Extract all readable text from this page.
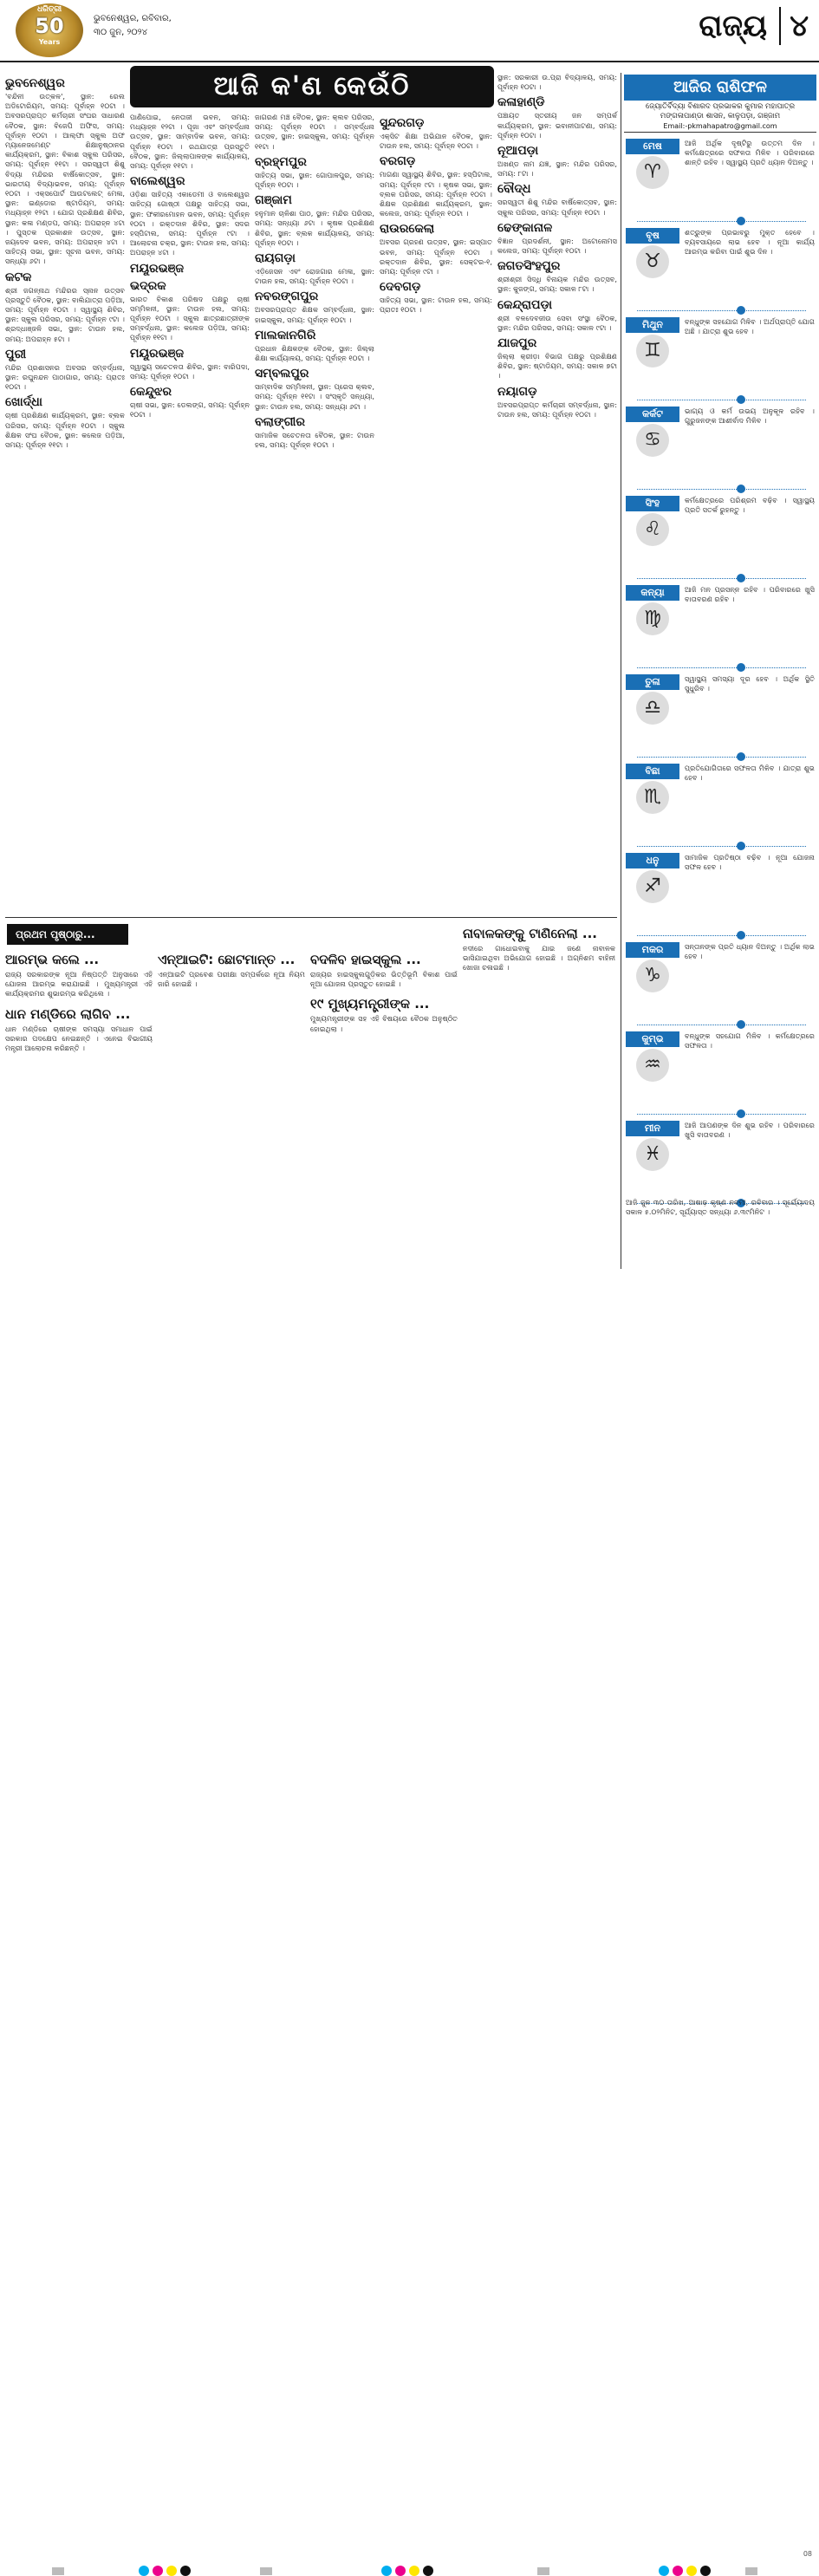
ଧରିତ୍ରୀ
50
Years
ଭୁବନେଶ୍ୱର, ରବିବାର,
୩୦ ଜୁନ, ୨୦୨୪	ରାଜ୍ୟ ୪
ଆଜି କ'ଣ କେଉଁଠି
ଭୁବନେଶ୍ୱର
'ବନ୍ଦିନୀ ଉତ୍କଳ', ସ୍ଥାନ: ରେଲ ଅଡିଟୋରିୟମ, ସମୟ: ପୂର୍ବାହ୍ନ ୧୦ଟା । ଅବସରପ୍ରାପ୍ତ କର୍ମଚାରୀ ସଂଘର ସାଧାରଣ ବୈଠକ, ସ୍ଥାନ: ବିଜେପି ଅଫିସ, ସମୟ: ପୂର୍ବାହ୍ନ ୧୦ଟା । ଆଲ୍ଫା ସ୍କୁଲ ଅଫ ମ୍ୟାନେଜମେଣ୍ଟ ଶିକ୍ଷାନୁଷ୍ଠାନର କାର୍ଯ୍ୟକ୍ରମ, ସ୍ଥାନ: ବିକାଶ ସ୍କୁଲ ପରିସର, ସମୟ: ପୂର୍ବାହ୍ନ ୧୧ଟା । ସରସ୍ୱତୀ ଶିଶୁ ବିଦ୍ୟା ମନ୍ଦିରର ବାର୍ଷିକୋତ୍ସବ, ସ୍ଥାନ: ଭାରତୀୟ ବିଦ୍ୟାଭବନ, ସମୟ: ପୂର୍ବାହ୍ନ ୧୦ଟା । ଏକ୍ସପୋର୍ଟ ଆଉଟଲେଟ୍ ମେଳା, ସ୍ଥାନ: ଇଣ୍ଡୋର ଷ୍ଟାଡିୟମ, ସମୟ: ମଧ୍ୟାହ୍ନ ୧୨ଟା । ଯୋଗ ପ୍ରଶିକ୍ଷଣ ଶିବିର, ସ୍ଥାନ: କଳା ମଣ୍ଡପ, ସମୟ: ଅପରାହ୍ନ ୪ଟା । ପୁସ୍ତକ ପ୍ରକାଶନ ଉତ୍ସବ, ସ୍ଥାନ: ଜୟଦେବ ଭବନ, ସମୟ: ଅପରାହ୍ନ ୪ଟା । ସାହିତ୍ୟ ସଭା, ସ୍ଥାନ: ସୂଚନା ଭବନ, ସମୟ: ସନ୍ଧ୍ୟା ୬ଟା ।
କଟକ
ଶ୍ରୀ ଜଗନ୍ନାଥ ମନ୍ଦିରର ସ୍ନାନ ଉତ୍ସବ ପ୍ରସ୍ତୁତି ବୈଠକ, ସ୍ଥାନ: ବାଲିଯାତ୍ରା ପଡ଼ିଆ, ସମୟ: ପୂର୍ବାହ୍ନ ୧୦ଟା । ସ୍ୱାସ୍ଥ୍ୟ ଶିବିର, ସ୍ଥାନ: ସ୍କୁଲ ପରିସର, ସମୟ: ପୂର୍ବାହ୍ନ ୯ଟା । ଶ୍ରଦ୍ଧାଞ୍ଜଳି ସଭା, ସ୍ଥାନ: ଟାଉନ ହଲ, ସମୟ: ଅପରାହ୍ନ ୫ଟା ।
ପୁରୀ
ମନ୍ଦିର ପ୍ରଶାସନର ଅବସର ସମ୍ବର୍ଦ୍ଧନା, ସ୍ଥାନ: ରଘୁନନ୍ଦନ ପାଠାଗାର, ସମୟ: ପ୍ରାତଃ ୧୦ଟା ।
ଖୋର୍ଦ୍ଧା
ଚାଷୀ ପ୍ରଶିକ୍ଷଣ କାର୍ଯ୍ୟକ୍ରମ, ସ୍ଥାନ: ବ୍ଲକ ପରିସର, ସମୟ: ପୂର୍ବାହ୍ନ ୧୦ଟା । ସ୍କୁଲ ଶିକ୍ଷକ ସଂଘ ବୈଠକ, ସ୍ଥାନ: କଲେଜ ପଡ଼ିଆ, ସମୟ: ପୂର୍ବାହ୍ନ ୧୧ଟା ।
ପାଣିପୋଇ, ନେତାଜୀ ଭବନ, ସମୟ: ମଧ୍ୟାହ୍ନ ୧୨ଟା । ପୂଜା ଏବଂ ସମ୍ବର୍ଦ୍ଧନା ଉତ୍ସବ, ସ୍ଥାନ: ସାମ୍ବାଦିକ ଭବନ, ସମୟ: ପୂର୍ବାହ୍ନ ୧୦ଟା । ରଥଯାତ୍ରା ପ୍ରସ୍ତୁତି ବୈଠକ, ସ୍ଥାନ: ଜିଲ୍ଲାପାଳଙ୍କ କାର୍ଯ୍ୟାଳୟ, ସମୟ: ପୂର୍ବାହ୍ନ ୧୧ଟା ।
ବାଲେଶ୍ୱର
ଓଡ଼ିଶା ସାହିତ୍ୟ ଏକାଡେମୀ ଓ ବାଲେଶ୍ୱର ସାହିତ୍ୟ ଗୋଷ୍ଠୀ ପକ୍ଷରୁ ସାହିତ୍ୟ ସଭା, ସ୍ଥାନ: ଫକୀରମୋହନ ଭବନ, ସମୟ: ପୂର୍ବାହ୍ନ ୧୦ଟା । ରକ୍ତଦାନ ଶିବିର, ସ୍ଥାନ: ସଦର ହସ୍ପିଟାଲ, ସମୟ: ପୂର୍ବାହ୍ନ ୯ଟା । ଆଲୋଚନା ଚକ୍ର, ସ୍ଥାନ: ଟାଉନ ହଲ, ସମୟ: ଅପରାହ୍ନ ୪ଟା ।
ମୟୂରଭଞ୍ଜ
ଭଦ୍ରକ
ଭାରତ ବିକାଶ ପରିଷଦ ପକ୍ଷରୁ ଚାଷୀ ସମ୍ମିଳନୀ, ସ୍ଥାନ: ଟାଉନ ହଲ, ସମୟ: ପୂର୍ବାହ୍ନ ୧୦ଟା । ସ୍କୁଲ ଛାତ୍ରଛାତ୍ରୀଙ୍କ ସମ୍ବର୍ଦ୍ଧନା, ସ୍ଥାନ: କଲେଜ ପଡ଼ିଆ, ସମୟ: ପୂର୍ବାହ୍ନ ୧୧ଟା ।
ମୟୂରଭଞ୍ଜ
ସ୍ୱାସ୍ଥ୍ୟ ସଚେତନତା ଶିବିର, ସ୍ଥାନ: ବାରିପଦା, ସମୟ: ପୂର୍ବାହ୍ନ ୧୦ଟା ।
କେନ୍ଦୁଝର
ଚାଷୀ ସଭା, ସ୍ଥାନ: ଡେଲଙ୍ଗ, ସମୟ: ପୂର୍ବାହ୍ନ ୧୦ଟା ।
ଜାଗରଣ ମଞ୍ଚ ବୈଠକ, ସ୍ଥାନ: କ୍ଲବ ପରିସର, ସମୟ: ପୂର୍ବାହ୍ନ ୧୦ଟା । ସମ୍ବର୍ଦ୍ଧନା ଉତ୍ସବ, ସ୍ଥାନ: ହାଇସ୍କୁଲ, ସମୟ: ପୂର୍ବାହ୍ନ ୧୧ଟା ।
ବ୍ରହ୍ମପୁର
ସାହିତ୍ୟ ସଭା, ସ୍ଥାନ: ଗୋପାଳପୁର, ସମୟ: ପୂର୍ବାହ୍ନ ୧୦ଟା ।
ଗଞ୍ଜାମ
ହନୁମାନ ଚାଳିଶା ପାଠ, ସ୍ଥାନ: ମନ୍ଦିର ପରିସର, ସମୟ: ସନ୍ଧ୍ୟା ୬ଟା । କୃଷକ ପ୍ରଶିକ୍ଷଣ ଶିବିର, ସ୍ଥାନ: ବ୍ଲକ କାର୍ଯ୍ୟାଳୟ, ସମୟ: ପୂର୍ବାହ୍ନ ୧୦ଟା ।
ରାୟଗଡ଼ା
ଏଡ଼ିଜେସନ ଏବଂ ରୋଜଗାର ମେଳା, ସ୍ଥାନ: ଟାଉନ ହଲ, ସମୟ: ପୂର୍ବାହ୍ନ ୧୦ଟା ।
ନବରଙ୍ଗପୁର
ଅବସରପ୍ରାପ୍ତ ଶିକ୍ଷକ ସମ୍ବର୍ଦ୍ଧନା, ସ୍ଥାନ: ହାଇସ୍କୁଲ, ସମୟ: ପୂର୍ବାହ୍ନ ୧୦ଟା ।
ମାଲକାନଗିରି
ପ୍ରଧାନ ଶିକ୍ଷକଙ୍କ ବୈଠକ, ସ୍ଥାନ: ଜିଲ୍ଲା ଶିକ୍ଷା କାର୍ଯ୍ୟାଳୟ, ସମୟ: ପୂର୍ବାହ୍ନ ୧୦ଟା ।
ସମ୍ବଲପୁର
ସାମ୍ବାଦିକ ସମ୍ମିଳନୀ, ସ୍ଥାନ: ପ୍ରେସ କ୍ଲବ, ସମୟ: ପୂର୍ବାହ୍ନ ୧୧ଟା । ସଂସ୍କୃତି ସନ୍ଧ୍ୟା, ସ୍ଥାନ: ଟାଉନ ହଲ, ସମୟ: ସନ୍ଧ୍ୟା ୬ଟା ।
ବଲାଙ୍ଗୀର
ସାମାଜିକ ସଚେତନତା ବୈଠକ, ସ୍ଥାନ: ଟାଉନ ହଲ, ସମୟ: ପୂର୍ବାହ୍ନ ୧୦ଟା ।
ସୁନ୍ଦରଗଡ଼
ଏକ୍ସିଟ ଶିକ୍ଷା ଅଭିଯାନ ବୈଠକ, ସ୍ଥାନ: ଟାଉନ ହଲ, ସମୟ: ପୂର୍ବାହ୍ନ ୧୦ଟା ।
ବରଗଡ଼
ମାଗଣା ସ୍ୱାସ୍ଥ୍ୟ ଶିବିର, ସ୍ଥାନ: ହସ୍ପିଟାଲ, ସମୟ: ପୂର୍ବାହ୍ନ ୯ଟା । କୃଷକ ସଭା, ସ୍ଥାନ: ବ୍ଲକ ପରିସର, ସମୟ: ପୂର୍ବାହ୍ନ ୧୦ଟା । ଶିକ୍ଷକ ପ୍ରଶିକ୍ଷଣ କାର୍ଯ୍ୟକ୍ରମ, ସ୍ଥାନ: କଲେଜ, ସମୟ: ପୂର୍ବାହ୍ନ ୧୦ଟା ।
ରାଉରକେଲା
ଅବସର ଗ୍ରହଣ ଉତ୍ସବ, ସ୍ଥାନ: ଇସ୍ପାତ ଭବନ, ସମୟ: ପୂର୍ବାହ୍ନ ୧୦ଟା । ରକ୍ତଦାନ ଶିବିର, ସ୍ଥାନ: ସେକ୍ଟର-୧, ସମୟ: ପୂର୍ବାହ୍ନ ୯ଟା ।
ଦେବଗଡ଼
ସାହିତ୍ୟ ସଭା, ସ୍ଥାନ: ଟାଉନ ହଲ, ସମୟ: ପ୍ରାତଃ ୧୦ଟା ।
ସ୍ଥାନ: ସରକାରୀ ଉ.ପ୍ରା ବିଦ୍ୟାଳୟ, ସମୟ: ପୂର୍ବାହ୍ନ ୧୦ଟା ।
କଳାହାଣ୍ଡି
ପଞ୍ଚାୟତ ସ୍ତରୀୟ ଜନ ସମ୍ପର୍କ କାର୍ଯ୍ୟକ୍ରମ, ସ୍ଥାନ: ଭବାନୀପାଟଣା, ସମୟ: ପୂର୍ବାହ୍ନ ୧୦ଟା ।
ନୂଆପଡ଼ା
ଅଖଣ୍ଡ ନାମ ଯଜ୍ଞ, ସ୍ଥାନ: ମନ୍ଦିର ପରିସର, ସମୟ: ୮ଟା ।
ବୌଦ୍ଧ
ସରସ୍ୱତୀ ଶିଶୁ ମନ୍ଦିର ବାର୍ଷିକୋତ୍ସବ, ସ୍ଥାନ: ସ୍କୁଲ ପରିସର, ସମୟ: ପୂର୍ବାହ୍ନ ୧୦ଟା ।
ଢେଙ୍କାନାଳ
ବିଜ୍ଞାନ ପ୍ରଦର୍ଶନୀ, ସ୍ଥାନ: ଅଟୋନୋମସ କଲେଜ, ସମୟ: ପୂର୍ବାହ୍ନ ୧୦ଟା ।
ଜଗତସିଂହପୁର
ଶ୍ରୀଶ୍ରୀ ସିଦ୍ଧି ବିନାୟକ ମନ୍ଦିର ଉତ୍ସବ, ସ୍ଥାନ: କୁଜଙ୍ଗ, ସମୟ: ସକାଳ ୮ଟା ।
କେନ୍ଦ୍ରାପଡ଼ା
ଶ୍ରୀ ବଳଦେବଜୀଉ ସେବା ସଂସ୍ଥା ବୈଠକ, ସ୍ଥାନ: ମନ୍ଦିର ପରିସର, ସମୟ: ସକାଳ ୯ଟା ।
ଯାଜପୁର
ଜିଲ୍ଲା କ୍ରୀଡ଼ା ବିଭାଗ ପକ୍ଷରୁ ପ୍ରଶିକ୍ଷଣ ଶିବିର, ସ୍ଥାନ: ଷ୍ଟାଡିୟମ, ସମୟ: ସକାଳ ୭ଟା ।
ନୟାଗଡ଼
ଅବସରପ୍ରାପ୍ତ କର୍ମଚାରୀ ସମ୍ବର୍ଦ୍ଧନା, ସ୍ଥାନ: ଟାଉନ ହଲ, ସମୟ: ପୂର୍ବାହ୍ନ ୧୦ଟା ।
ଆଜିର ରାଶିଫଳ
ଜ୍ୟୋତିର୍ବିଦ୍ୟା ବିଶାରଦ ପ୍ରଭାକର କୁମାର ମହାପାତ୍ର ମଙ୍ଗଳାପାଣ୍ଡା ଶାସନ, କାଳୁପଡ଼ା, ଗଞ୍ଜାମ
Email:-pkmahapatro@gmail.com
ମେଷ
♈
ଆଜି ଅର୍ଥିକ ଦୃଷ୍ଟିରୁ ଉତ୍ତମ ଦିନ । କର୍ମକ୍ଷେତ୍ରରେ ସଫଳତା ମିଳିବ । ପରିବାରରେ ଶାନ୍ତି ରହିବ । ସ୍ୱାସ୍ଥ୍ୟ ପ୍ରତି ଧ୍ୟାନ ଦିଅନ୍ତୁ ।
ବୃଷ
♉
ଶତ୍ରୁଙ୍କ ପ୍ରଭାବରୁ ମୁକ୍ତ ହେବେ । ବ୍ୟବସାୟରେ ଲାଭ ହେବ । ନୂଆ କାର୍ଯ୍ୟ ଆରମ୍ଭ କରିବା ପାଇଁ ଶୁଭ ଦିନ ।
ମିଥୁନ
♊
ବନ୍ଧୁଙ୍କ ସହଯୋଗ ମିଳିବ । ଅର୍ଥପ୍ରାପ୍ତି ଯୋଗ ଅଛି । ଯାତ୍ରା ଶୁଭ ହେବ ।
କର୍କଟ
♋
ଭାଗ୍ୟ ଓ କର୍ମ ଉଭୟ ଅନୁକୂଳ ରହିବ । ଗୁରୁଜନଙ୍କ ଆଶୀର୍ବାଦ ମିଳିବ ।
ସିଂହ
♌
କର୍ମକ୍ଷେତ୍ରରେ ପରିଶ୍ରମ ବଢ଼ିବ । ସ୍ୱାସ୍ଥ୍ୟ ପ୍ରତି ସତର୍କ ରୁହନ୍ତୁ ।
କନ୍ୟା
♍
ଆଜି ମନ ପ୍ରସନ୍ନ ରହିବ । ପରିବାରରେ ଖୁସି ବାତାବରଣ ରହିବ ।
ତୁଳା
♎
ସ୍ୱାସ୍ଥ୍ୟ ସମସ୍ୟା ଦୂର ହେବ । ଅର୍ଥିକ ସ୍ଥିତି ସୁଧୁରିବ ।
ବିଛା
♏
ପ୍ରତିଯୋଗିତାରେ ସଫଳତା ମିଳିବ । ଯାତ୍ରା ଶୁଭ ହେବ ।
ଧନୁ
♐
ସାମାଜିକ ପ୍ରତିଷ୍ଠା ବଢ଼ିବ । ନୂଆ ଯୋଜନା ସଫଳ ହେବ ।
ମକର
♑
ସନ୍ତାନଙ୍କ ପ୍ରତି ଧ୍ୟାନ ଦିଅନ୍ତୁ । ଅର୍ଥିକ ଲାଭ ହେବ ।
କୁମ୍ଭ
♒
ବନ୍ଧୁଙ୍କ ସହଯୋଗ ମିଳିବ । କର୍ମକ୍ଷେତ୍ରରେ ସଫଳତା ।
ମୀନ
♓
ଆଜି ଆପଣଙ୍କ ଦିନ ଶୁଭ ରହିବ । ପରିବାରରେ ଖୁସି ବାତାବରଣ ।
ଆଜି ଜୁନ ୩୦ ତାରିଖ, ଆଷାଢ଼ କୃଷ୍ଣ ନବମୀ, ରବିବାର । ସୂର୍ଯ୍ୟୋଦୟ ସକାଳ ୫.୦୨ମିନିଟ, ସୂର୍ଯ୍ୟାସ୍ତ ସନ୍ଧ୍ୟା ୬.୩୯ମିନିଟ ।
ପ୍ରଥମ ପୃଷ୍ଠାରୁ...
ଆରମ୍ଭ କଲେ ...
ରାଜ୍ୟ ସରକାରଙ୍କ ନୂଆ ନିଷ୍ପତ୍ତି ଅନୁସାରେ ଏହି ଯୋଜନା ଆରମ୍ଭ କରାଯାଇଛି । ମୁଖ୍ୟମନ୍ତ୍ରୀ ଏହି କାର୍ଯ୍ୟକ୍ରମର ଶୁଭାରମ୍ଭ କରିଥିଲେ ।
ଧାନ ମଣ୍ଡିରେ ଲାଗିବ ...
ଧାନ ମଣ୍ଡିରେ ଚାଷୀଙ୍କ ସମସ୍ୟା ସମାଧାନ ପାଇଁ ସରକାର ପଦକ୍ଷେପ ନେଇଛନ୍ତି । ଏନେଇ ବିଭାଗୀୟ ମନ୍ତ୍ରୀ ଆଲୋଚନା କରିଛନ୍ତି ।
ଏନ୍‌ଆଇଟି: ଛୋଟମାନ୍ତ ...
ଏନ୍‌ଆଇଟି ପ୍ରବେଶ ପରୀକ୍ଷା ସମ୍ପର୍କରେ ନୂଆ ନିୟମ ଜାରି ହୋଇଛି ।
ବଦଳିବ ହାଇସ୍କୁଲ ...
ରାଜ୍ୟର ହାଇସ୍କୁଲଗୁଡ଼ିକର ଭିତ୍ତିଭୂମି ବିକାଶ ପାଇଁ ନୂଆ ଯୋଜନା ପ୍ରସ୍ତୁତ ହୋଇଛି ।
୧୯ ମୁଖ୍ୟମନ୍ତ୍ରୀଙ୍କ ...
ମୁଖ୍ୟମନ୍ତ୍ରୀଙ୍କ ସହ ଏହି ବିଷୟରେ ବୈଠକ ଅନୁଷ୍ଠିତ ହୋଇଥିଲା ।
ନାବାଳକଙ୍କୁ ଟାଣିନେଲା ...
ନଦୀରେ ଗାଧୋଇବାକୁ ଯାଇ ଜଣେ ନାବାଳକ ଭାସିଯାଇଥିବା ଅଭିଯୋଗ ହୋଇଛି । ଅଗ୍ନିଶମ ବାହିନୀ ଖୋଜା ଚଳାଇଛି ।
08
